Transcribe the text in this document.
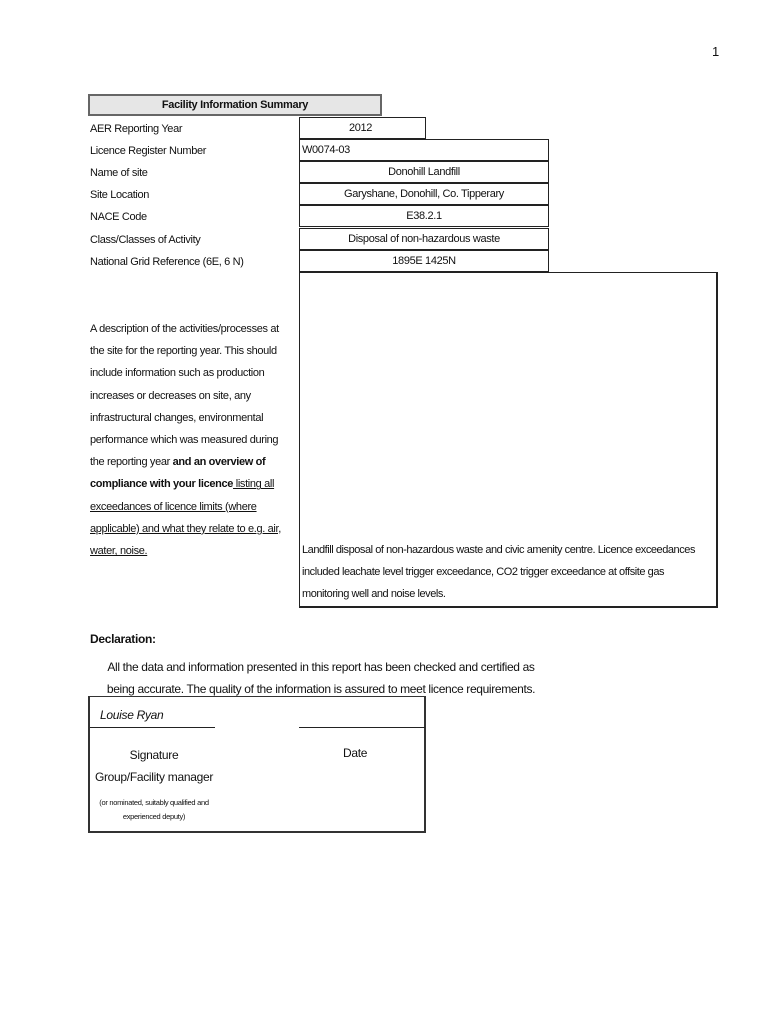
1
Facility Information Summary
AER Reporting Year
Licence Register Number
Name of site
Site Location
NACE Code
Class/Classes of Activity
National Grid Reference (6E, 6 N)
2012
W0074-03
Donohill Landfill
Garyshane, Donohill, Co. Tipperary
E38.2.1
Disposal of non-hazardous waste
1895E 1425N
A description of the activities/processes at the site for the reporting year. This should include information such as production increases or decreases on site, any infrastructural changes, environmental performance which was measured during the reporting year and an overview of compliance with your licence listing all exceedances of licence limits (where applicable) and what they relate to e.g. air, water, noise.	Landfill disposal of non-hazardous waste and civic amenity centre. Licence exceedances included leachate level trigger exceedance, CO2 trigger exceedance at offsite gas monitoring well and noise levels.
Declaration:
All the data and information presented in this report has been checked and certified as being accurate. The quality of the information is assured to meet licence requirements.
Louise Ryan
Signature
Group/Facility manager
(or nominated, suitably qualified and experienced deputy)
Date
